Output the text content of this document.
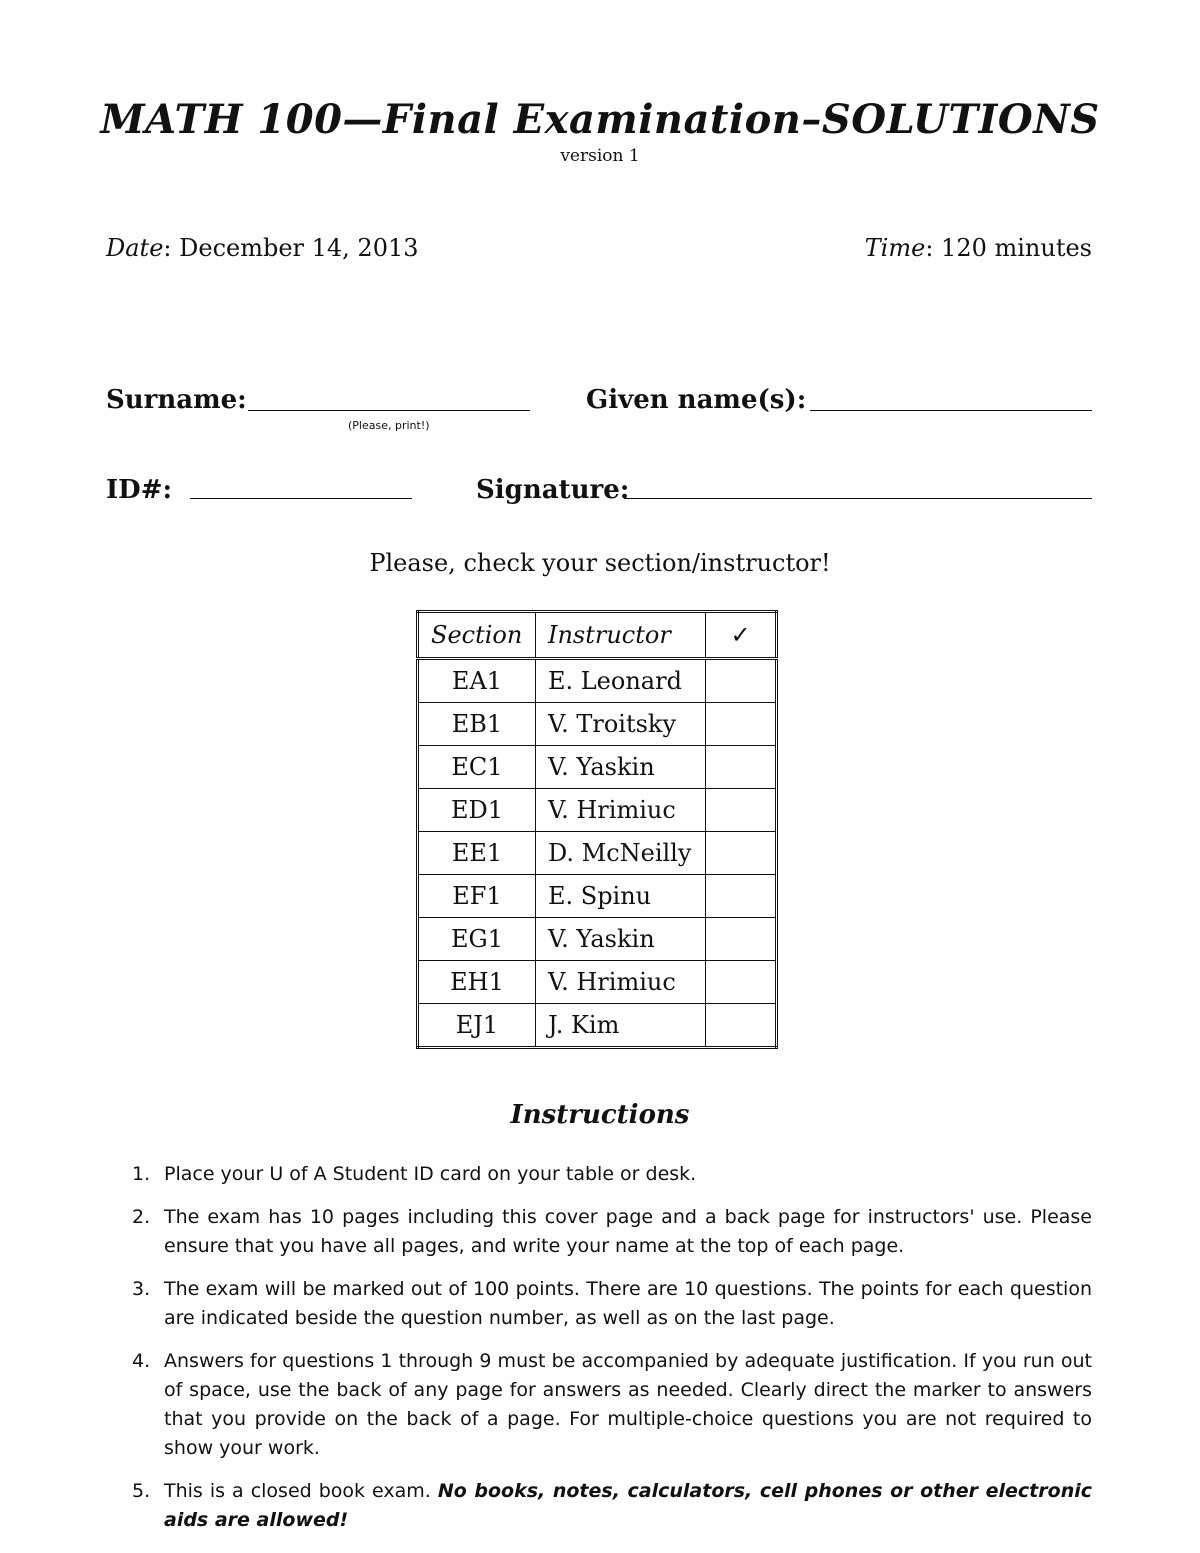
MATH 100—Final Examination–SOLUTIONS
version 1
Date: December 14, 2013	Time: 120 minutes
Surname:
(Please, print!)
Given name(s):
ID#:	Signature:
Please, check your section/instructor!
Section	Instructor	✓
EA1	E. Leonard	
EB1	V. Troitsky	
EC1	V. Yaskin	
ED1	V. Hrimiuc	
EE1	D. McNeilly	
EF1	E. Spinu	
EG1	V. Yaskin	
EH1	V. Hrimiuc	
EJ1	J. Kim	
Instructions
1. Place your U of A Student ID card on your table or desk.
2. The exam has 10 pages including this cover page and a back page for instructors' use. Please ensure that you have all pages, and write your name at the top of each page.
3. The exam will be marked out of 100 points. There are 10 questions. The points for each question are indicated beside the question number, as well as on the last page.
4. Answers for questions 1 through 9 must be accompanied by adequate justification. If you run out of space, use the back of any page for answers as needed. Clearly direct the marker to answers that you provide on the back of a page. For multiple-choice questions you are not required to show your work.
5. This is a closed book exam. No books, notes, calculators, cell phones or other electronic aids are allowed!
